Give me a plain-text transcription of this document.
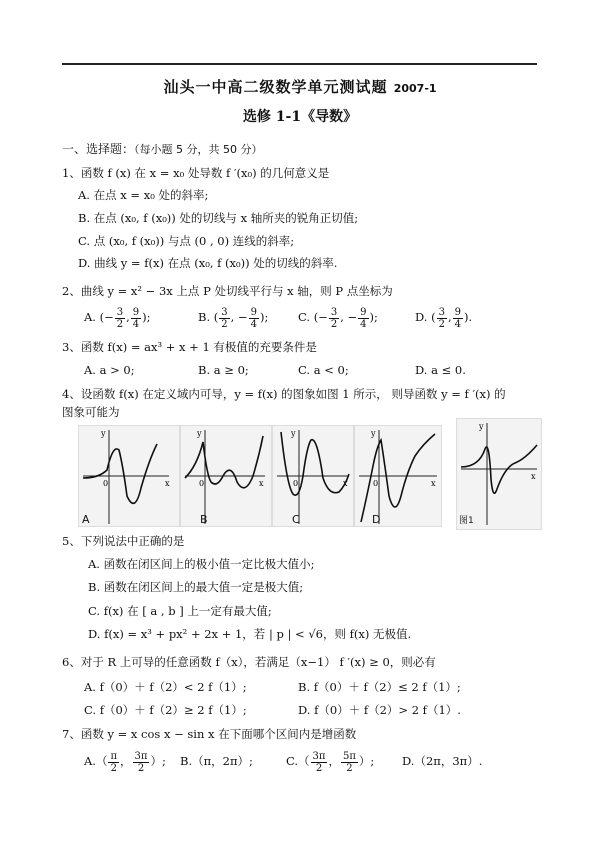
汕头一中高二级数学单元测试题 2007-1
选修 1-1《导数》
一、选择题：（每小题 5 分，共 50 分）
1、函数 f (x) 在 x = x₀ 处导数 f ′(x₀) 的几何意义是
A. 在点 x = x₀ 处的斜率;
B. 在点 (x₀, f (x₀)) 处的切线与 x 轴所夹的锐角正切值;
C. 点 (x₀, f (x₀)) 与点 (0 , 0) 连线的斜率;
D. 曲线 y = f(x) 在点 (x₀, f (x₀)) 处的切线的斜率.
2、曲线 y = x² − 3x 上点 P 处切线平行与 x 轴，则 P 点坐标为
A. (− $\frac{3}{2}$ , $\frac{9}{4}$ );	B. ( $\frac{3}{2}$ , − $\frac{9}{4}$ );	C. (− $\frac{3}{2}$ , − $\frac{9}{4}$ );	D. ( $\frac{3}{2}$ , $\frac{9}{4}$ ).
3、函数 f(x) = ax³ + x + 1 有极值的充要条件是
A. a > 0;	B. a ≥ 0;	C. a < 0;	D. a ≤ 0.
4、设函数 f(x) 在定义域内可导，y = f(x) 的图象如图 1 所示， 则导函数 y = f ′(x) 的
图象可能为
x
y
0
A
x
y
0
B
x
y
0
C
x
y
0
D
x
y
图1
5、下列说法中正确的是
A. 函数在闭区间上的极小值一定比极大值小;
B. 函数在闭区间上的最大值一定是极大值;
C. f(x) 在 [ a , b ] 上一定有最大值;
D. f(x) = x³ + px² + 2x + 1，若 | p | < √6，则 f(x) 无极值.
6、对于 R 上可导的任意函数 f（x），若满足（x−1） f ′(x) ≥ 0，则必有
A. f（0）＋ f（2）< 2 f（1）;	B. f（0）＋ f（2）≤ 2 f（1）;
C. f（0）＋ f（2）≥ 2 f（1）;	D. f（0）＋ f（2）> 2 f（1）.
7、函数 y = x cos x − sin x 在下面哪个区间内是增函数
$A.( \frac{\pi}{2}$ ， $\frac{3\pi}{2}$ ）; B.（π，2π）;	$C.( \frac{3\pi}{2}$ ， $\frac{5\pi}{2}$ ）; D.（2π，3π）.
